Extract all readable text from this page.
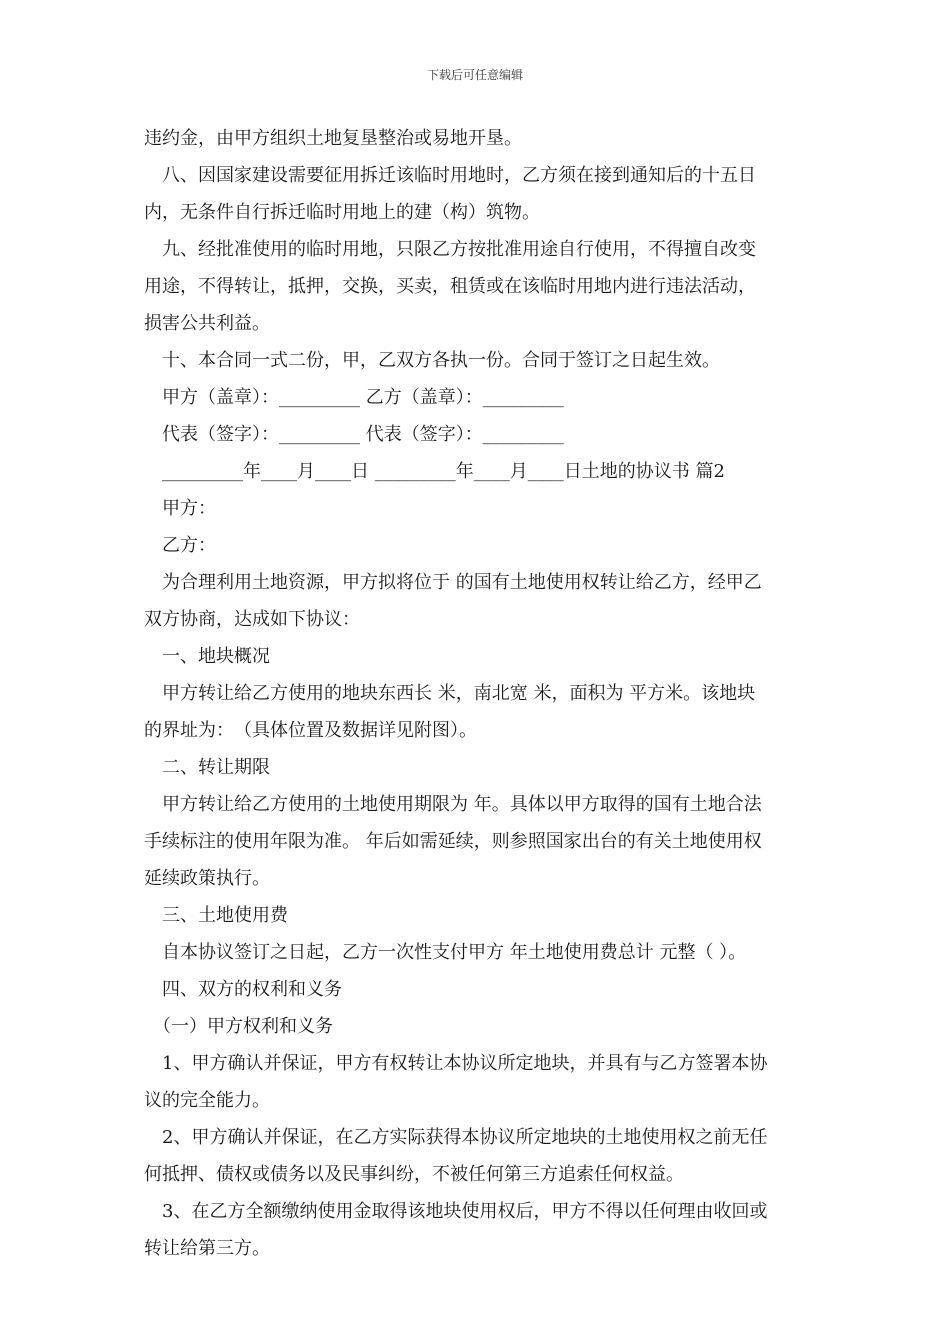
下载后可任意编辑
违约金，由甲方组织土地复垦整治或易地开垦。
　八、因国家建设需要征用拆迁该临时用地时，乙方须在接到通知后的十五日
内，无条件自行拆迁临时用地上的建（构）筑物。
　九、经批准使用的临时用地，只限乙方按批准用途自行使用，不得擅自改变
用途，不得转让，抵押，交换，买卖，租赁或在该临时用地内进行违法活动，
损害公共利益。
　十、本合同一式二份，甲，乙双方各执一份。合同于签订之日起生效。
　甲方（盖章）：_________ 乙方（盖章）：_________
　代表（签字）：_________ 代表（签字）：_________
　_________年____月____日 _________年____月____日土地的协议书 篇2
　甲方：
　乙方：
　为合理利用土地资源，甲方拟将位于 的国有土地使用权转让给乙方，经甲乙
双方协商，达成如下协议：
　一、地块概况
　甲方转让给乙方使用的地块东西长 米，南北宽 米，面积为 平方米。该地块
的界址为：　（具体位置及数据详见附图）。
　二、转让期限
　甲方转让给乙方使用的土地使用期限为 年。具体以甲方取得的国有土地合法
手续标注的使用年限为准。 年后如需延续，则参照国家出台的有关土地使用权
延续政策执行。
　三、土地使用费
　自本协议签订之日起，乙方一次性支付甲方 年土地使用费总计 元整（ ）。
　四、双方的权利和义务
　（一）甲方权利和义务
　1、甲方确认并保证，甲方有权转让本协议所定地块，并具有与乙方签署本协
议的完全能力。
　2、甲方确认并保证，在乙方实际获得本协议所定地块的土地使用权之前无任
何抵押、债权或债务以及民事纠纷，不被任何第三方追索任何权益。
　3、在乙方全额缴纳使用金取得该地块使用权后，甲方不得以任何理由收回或
转让给第三方。
